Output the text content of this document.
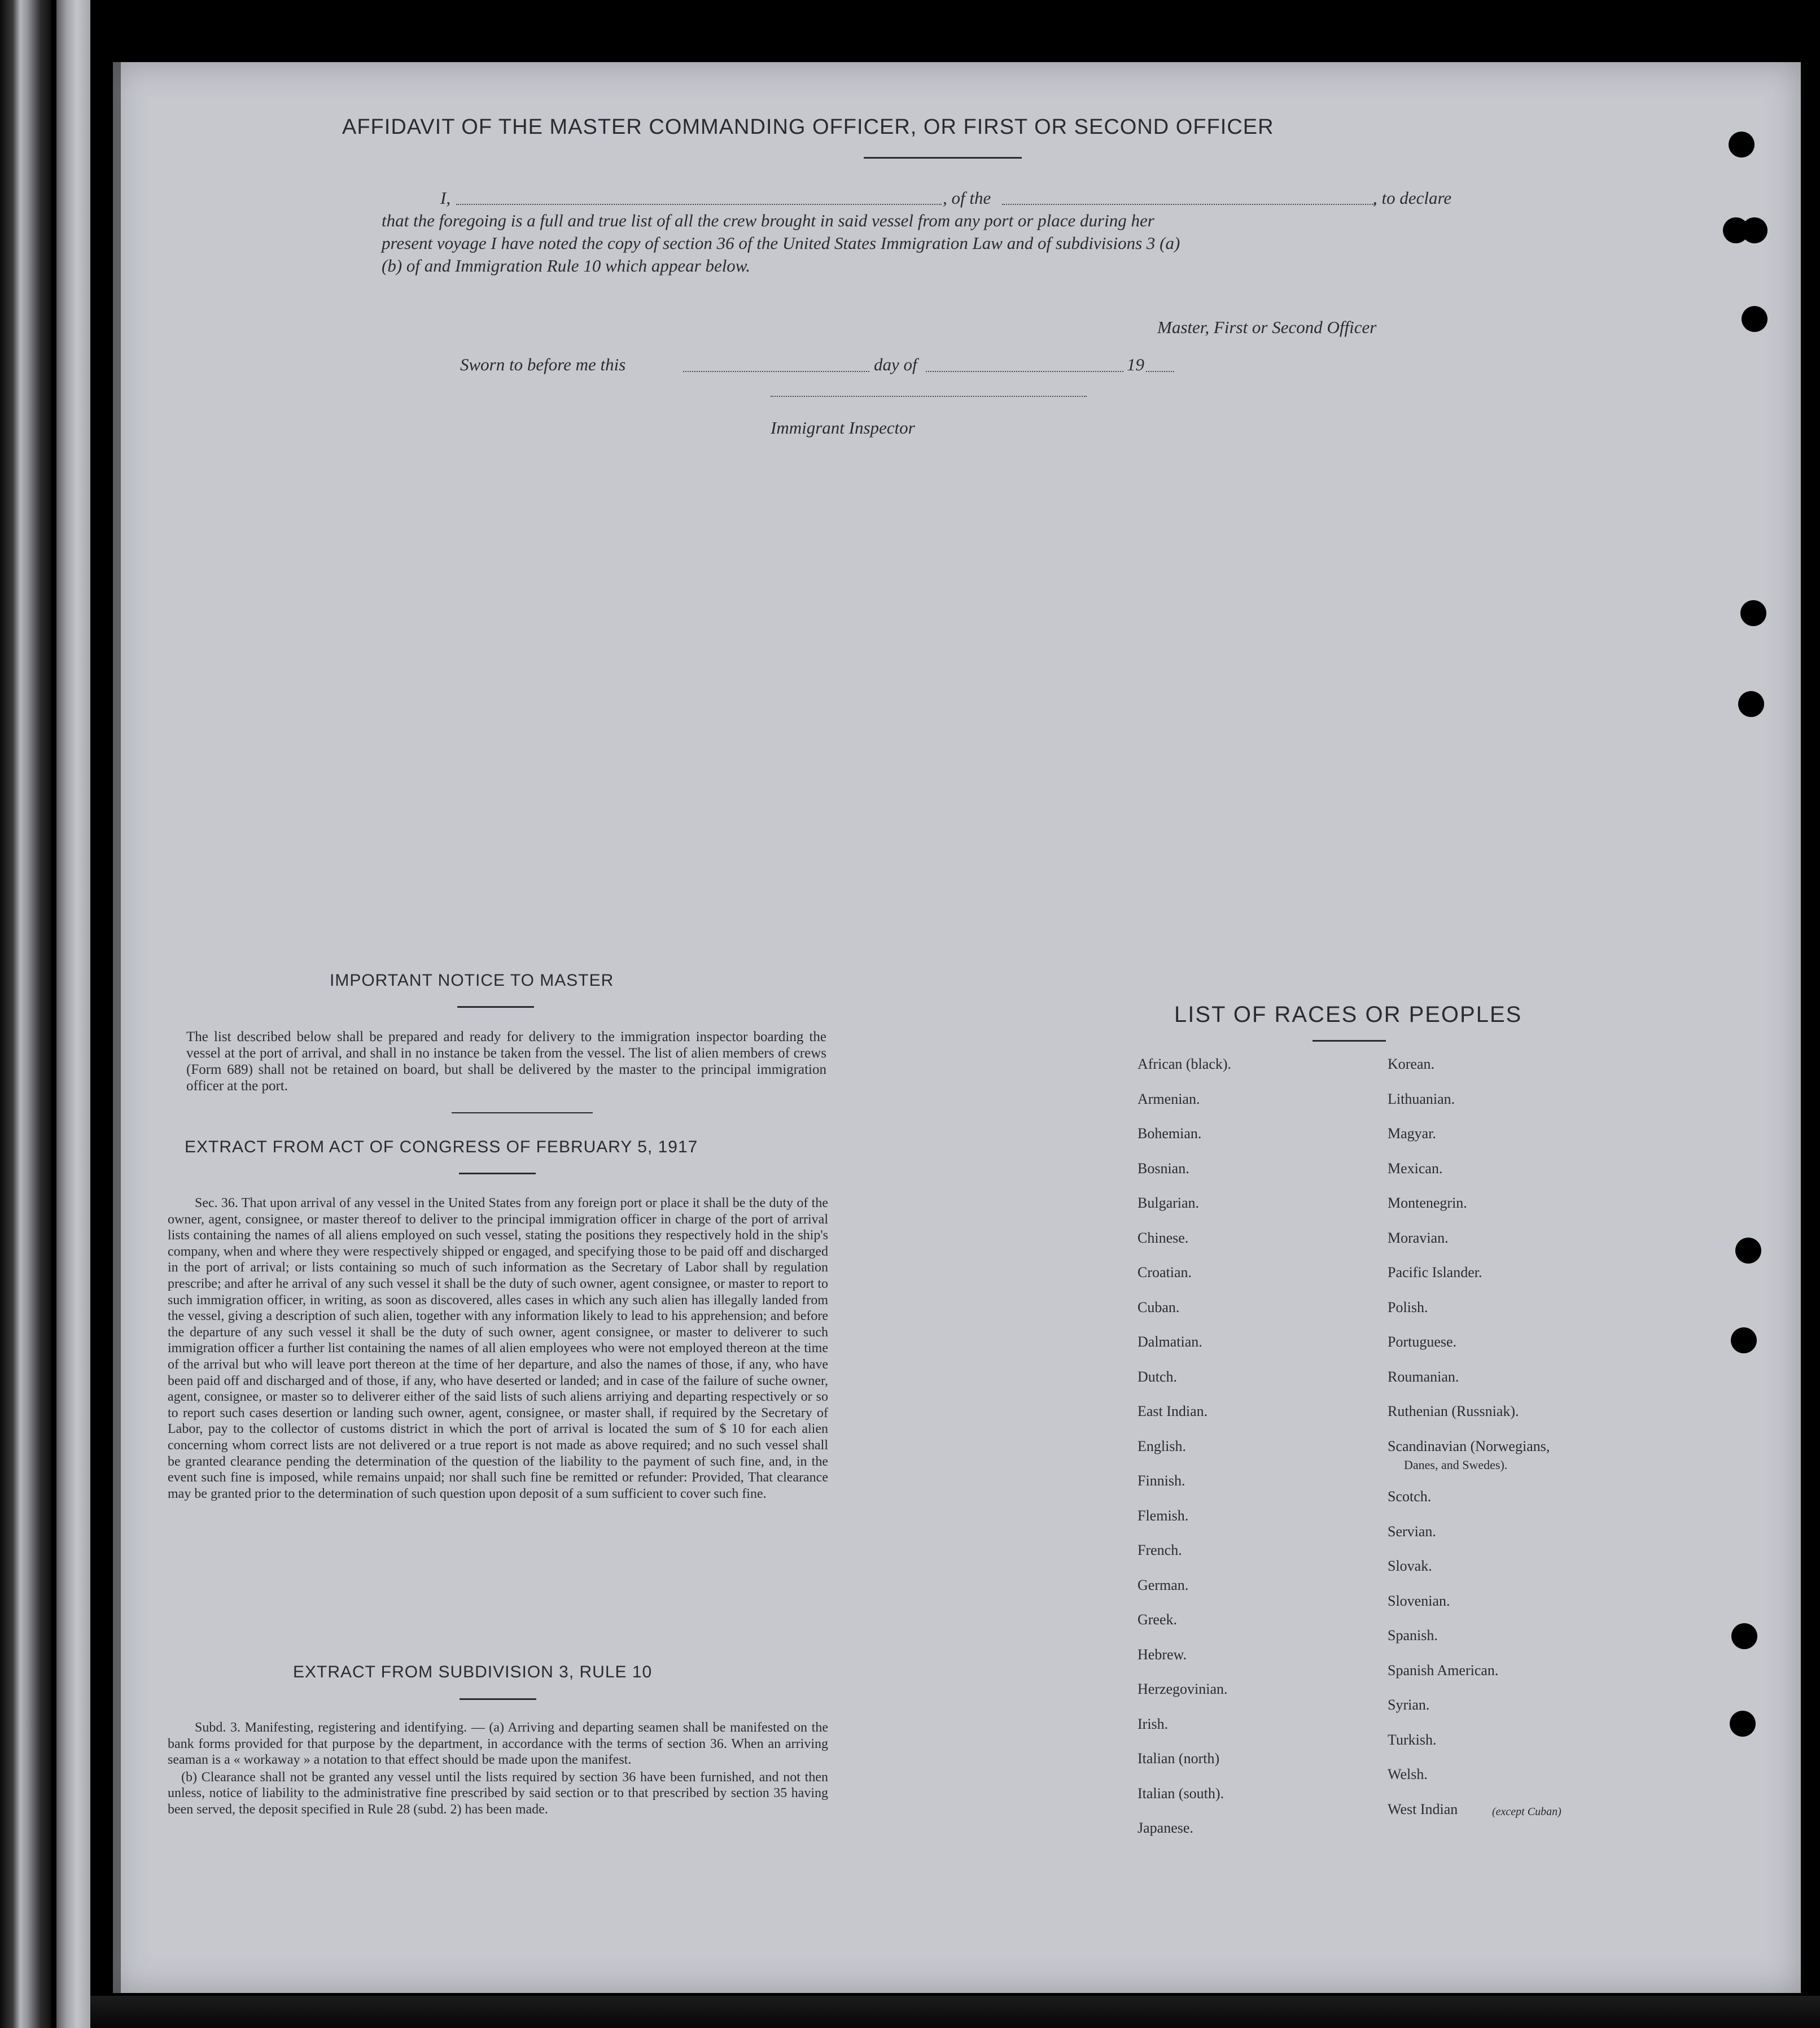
AFFIDAVIT OF THE MASTER COMMANDING OFFICER, OR FIRST OR SECOND OFFICER
I,	, of the	, to declare
that the foregoing is a full and true list of all the crew brought in said vessel from any port or place during her
present voyage I have noted the copy of section 36 of the United States Immigration Law and of subdivisions 3 (a)
(b) of and Immigration Rule 10 which appear below.
Master, First or Second Officer
Sworn to before me this	day of	19
Immigrant Inspector
IMPORTANT NOTICE TO MASTER

The list described below shall be prepared and ready for delivery to the immigration inspector boarding the vessel at the port of arrival, and shall in no instance be taken from the vessel. The list of alien members of crews (Form 689) shall not be retained on board, but shall be delivered by the master to the principal immigration officer at the port.

EXTRACT FROM ACT OF CONGRESS OF FEBRUARY 5, 1917

Sec. 36. That upon arrival of any vessel in the United States from any foreign port or place it shall be the duty of the owner, agent, consignee, or master thereof to deliver to the principal immigration officer in charge of the port of arrival lists containing the names of all aliens employed on such vessel, stating the positions they respectively hold in the ship's company, when and where they were respectively shipped or engaged, and specifying those to be paid off and discharged in the port of arrival; or lists containing so much of such information as the Secretary of Labor shall by regulation prescribe; and after he arrival of any such vessel it shall be the duty of such owner, agent consignee, or master to report to such immigration officer, in writing, as soon as discovered, alles cases in which any such alien has illegally landed from the vessel, giving a description of such alien, together with any information likely to lead to his apprehension; and before the departure of any such vessel it shall be the duty of such owner, agent consignee, or master to deliverer to such immigration officer a further list containing the names of all alien employees who were not employed thereon at the time of the arrival but who will leave port thereon at the time of her departure, and also the names of those, if any, who have been paid off and discharged and of those, if any, who have deserted or landed; and in case of the failure of suche owner, agent, consignee, or master so to deliverer either of the said lists of such aliens arriying and departing respectively or so to report such cases desertion or landing such owner, agent, consignee, or master shall, if required by the Secretary of Labor, pay to the collector of customs district in which the port of arrival is located the sum of $ 10 for each alien concerning whom correct lists are not delivered or a true report is not made as above required; and no such vessel shall be granted clearance pending the determination of the question of the liability to the payment of such fine, and, in the event such fine is imposed, while remains unpaid; nor shall such fine be remitted or refunder: Provided, That clearance may be granted prior to the determination of such question upon deposit of a sum sufficient to cover such fine.

EXTRACT FROM SUBDIVISION 3, RULE 10

Subd. 3. Manifesting, registering and identifying. — (a) Arriving and departing seamen shall be manifested on the bank forms provided for that purpose by the department, in accordance with the terms of section 36. When an arriving seaman is a « workaway » a notation to that effect should be made upon the manifest.

(b) Clearance shall not be granted any vessel until the lists required by section 36 have been furnished, and not then unless, notice of liability to the administrative fine prescribed by said section or to that prescribed by section 35 having been served, the deposit specified in Rule 28 (subd. 2) has been made.

LIST OF RACES OR PEOPLES
African (black).
Armenian.
Bohemian.
Bosnian.
Bulgarian.
Chinese.
Croatian.
Cuban.
Dalmatian.
Dutch.
East Indian.
English.
Finnish.
Flemish.
French.
German.
Greek.
Hebrew.
Herzegovinian.
Irish.
Italian (north)
Italian (south).
Japanese.
Korean.
Lithuanian.
Magyar.
Mexican.
Montenegrin.
Moravian.
Pacific Islander.
Polish.
Portuguese.
Roumanian.
Ruthenian (Russniak).
Scandinavian (Norwegians,
Scotch.
Servian.
Slovak.
Slovenian.
Spanish.
Spanish American.
Syrian.
Turkish.
Welsh.
West Indian
Danes, and Swedes).
(except Cuban)
